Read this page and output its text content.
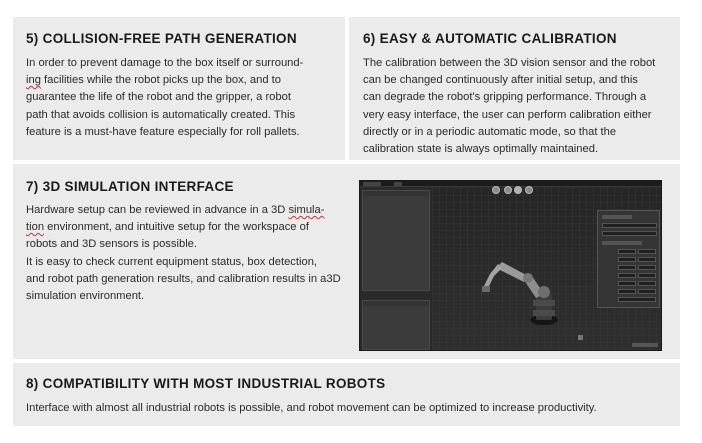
5) COLLISION-FREE PATH GENERATION
In order to prevent damage to the box itself or surround-
ing facilities while the robot picks up the box, and to
guarantee the life of the robot and the gripper, a robot
path that avoids collision is automatically created. This
feature is a must-have feature especially for roll pallets.
6) EASY & AUTOMATIC CALIBRATION
The calibration between the 3D vision sensor and the robot
can be changed continuously after initial setup, and this
can degrade the robot's gripping performance. Through a
very easy interface, the user can perform calibration either
directly or in a periodic automatic mode, so that the
calibration state is always optimally maintained.
7) 3D SIMULATION INTERFACE
Hardware setup can be reviewed in advance in a 3D simula-
tion environment, and intuitive setup for the workspace of
robots and 3D sensors is possible.
It is easy to check current equipment status, box detection,
and robot path generation results, and calibration results in a3D
simulation environment.
8) COMPATIBILITY WITH MOST INDUSTRIAL ROBOTS
Interface with almost all industrial robots is possible, and robot movement can be optimized to increase productivity.
